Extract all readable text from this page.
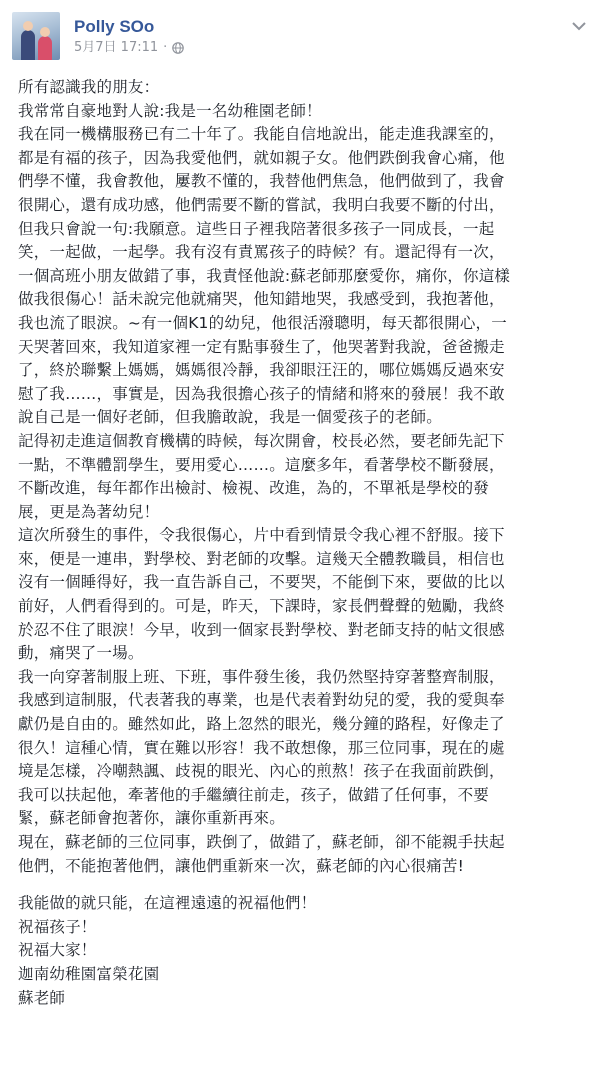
Polly SOo
5月7日 17:11 ·
所有認識我的朋友：
我常常自豪地對人說:我是一名幼稚園老師！
我在同一機構服務已有二十年了。我能自信地說出，能走進我課室的，
都是有福的孩子，因為我愛他們，就如親子女。他們跌倒我會心痛，他
們學不懂，我會教他，屢教不懂的，我替他們焦急，他們做到了，我會
很開心，還有成功感，他們需要不斷的嘗試，我明白我要不斷的付出，
但我只會說一句:我願意。這些日子裡我陪著很多孩子一同成長，一起
笑，一起做，一起學。我有沒有責罵孩子的時候？有。還記得有一次，
一個高班小朋友做錯了事，我責怪他說:蘇老師那麼愛你，痛你，你這樣
做我很傷心！話未說完他就痛哭，他知錯地哭，我感受到，我抱著他，
我也流了眼淚。~有一個K1的幼兒，他很活潑聰明，每天都很開心，一
天哭著回來，我知道家裡一定有點事發生了，他哭著對我說，爸爸搬走
了，終於聯繫上媽媽，媽媽很冷靜，我卻眼汪汪的，哪位媽媽反過來安
慰了我……，事實是，因為我很擔心孩子的情緒和將來的發展！我不敢
說自己是一個好老師，但我膽敢說，我是一個愛孩子的老師。
記得初走進這個教育機構的時候，每次開會，校長必然，要老師先記下
一點，不準體罰學生，要用愛心……。這麼多年，看著學校不斷發展，
不斷改進，每年都作出檢討、檢視、改進，為的，不單衹是學校的發
展，更是為著幼兒！
這次所發生的事件，令我很傷心，片中看到情景令我心裡不舒服。接下
來，便是一連串，對學校、對老師的攻擊。這幾天全體教職員，相信也
沒有一個睡得好，我一直告訴自己，不要哭，不能倒下來，要做的比以
前好，人們看得到的。可是，昨天，下課時，家長們聲聲的勉勵，我終
於忍不住了眼淚！今早，收到一個家長對學校、對老師支持的帖文很感
動，痛哭了一場。
我一向穿著制服上班、下班，事件發生後，我仍然堅持穿著整齊制服，
我感到這制服，代表著我的專業，也是代表着對幼兒的愛，我的愛與奉
獻仍是自由的。雖然如此，路上忽然的眼光，幾分鐘的路程，好像走了
很久！這種心情，實在難以形容！我不敢想像，那三位同事，現在的處
境是怎樣，冷嘲熱諷、歧視的眼光、內心的煎熬！孩子在我面前跌倒，
我可以扶起他，牽著他的手繼續往前走，孩子，做錯了任何事，不要
緊，蘇老師會抱著你，讓你重新再來。
現在，蘇老師的三位同事，跌倒了，做錯了，蘇老師，卻不能親手扶起
他們，不能抱著他們，讓他們重新來一次，蘇老師的內心很痛苦!
我能做的就只能，在這裡遠遠的祝福他們！
祝福孩子！
祝福大家！
迦南幼稚園富榮花園
蘇老師
